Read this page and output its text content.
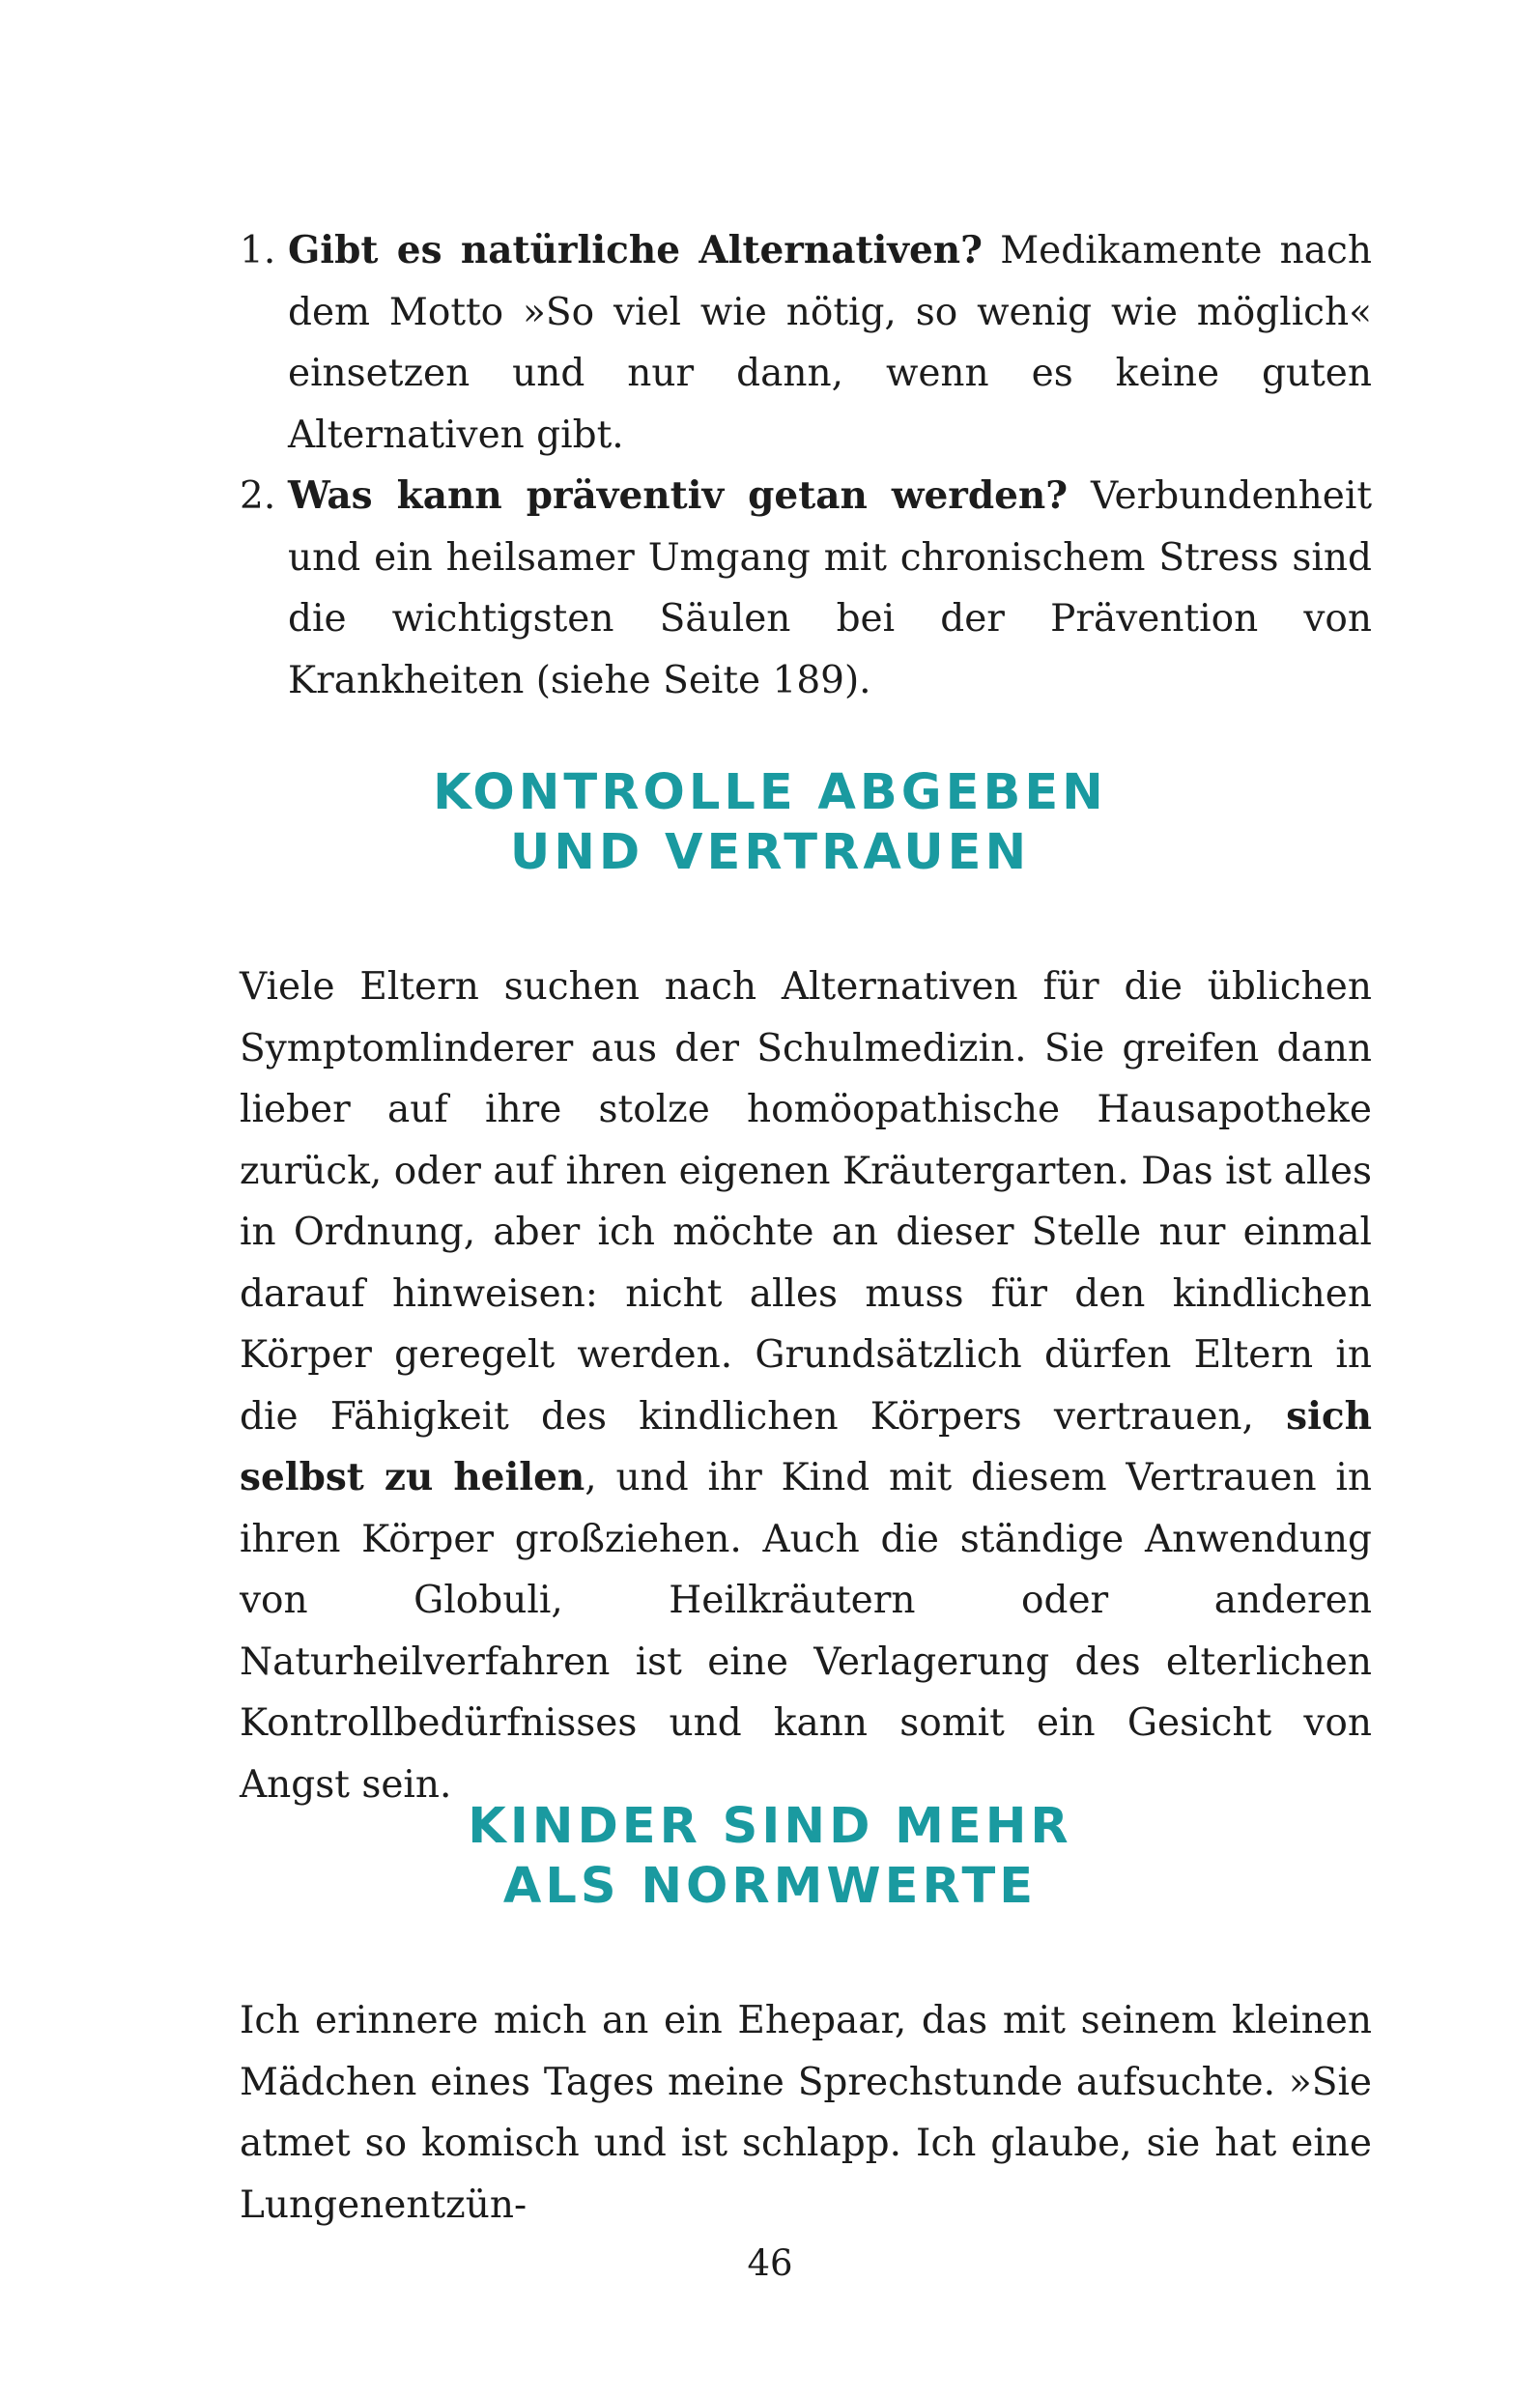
1. Gibt es natürliche Alternativen? Medikamente nach dem Motto »So viel wie nötig, so wenig wie möglich« einsetzen und nur dann, wenn es keine guten Alternativen gibt.
2. Was kann präventiv getan werden? Verbundenheit und ein heilsamer Umgang mit chronischem Stress sind die wichtigsten Säulen bei der Prävention von Krankheiten (siehe Seite 189).
KONTROLLE ABGEBEN
UND VERTRAUEN

Viele Eltern suchen nach Alternativen für die üblichen Symptomlinderer aus der Schulmedizin. Sie greifen dann lieber auf ihre stolze homöopathische Hausapotheke zurück, oder auf ihren eigenen Kräutergarten. Das ist alles in Ordnung, aber ich möchte an dieser Stelle nur einmal darauf hinweisen: nicht alles muss für den kindlichen Körper geregelt werden. Grundsätzlich dürfen Eltern in die Fähigkeit des kindlichen Körpers vertrauen, sich selbst zu heilen, und ihr Kind mit diesem Vertrauen in ihren Körper großziehen. Auch die ständige Anwendung von Globuli, Heilkräutern oder anderen Naturheilverfahren ist eine Verlagerung des elterlichen Kontrollbedürfnisses und kann somit ein Gesicht von Angst sein.

KINDER SIND MEHR
ALS NORMWERTE

Ich erinnere mich an ein Ehepaar, das mit seinem kleinen Mädchen eines Tages meine Sprechstunde aufsuchte. »Sie atmet so komisch und ist schlapp. Ich glaube, sie hat eine Lungenentzün-

46
